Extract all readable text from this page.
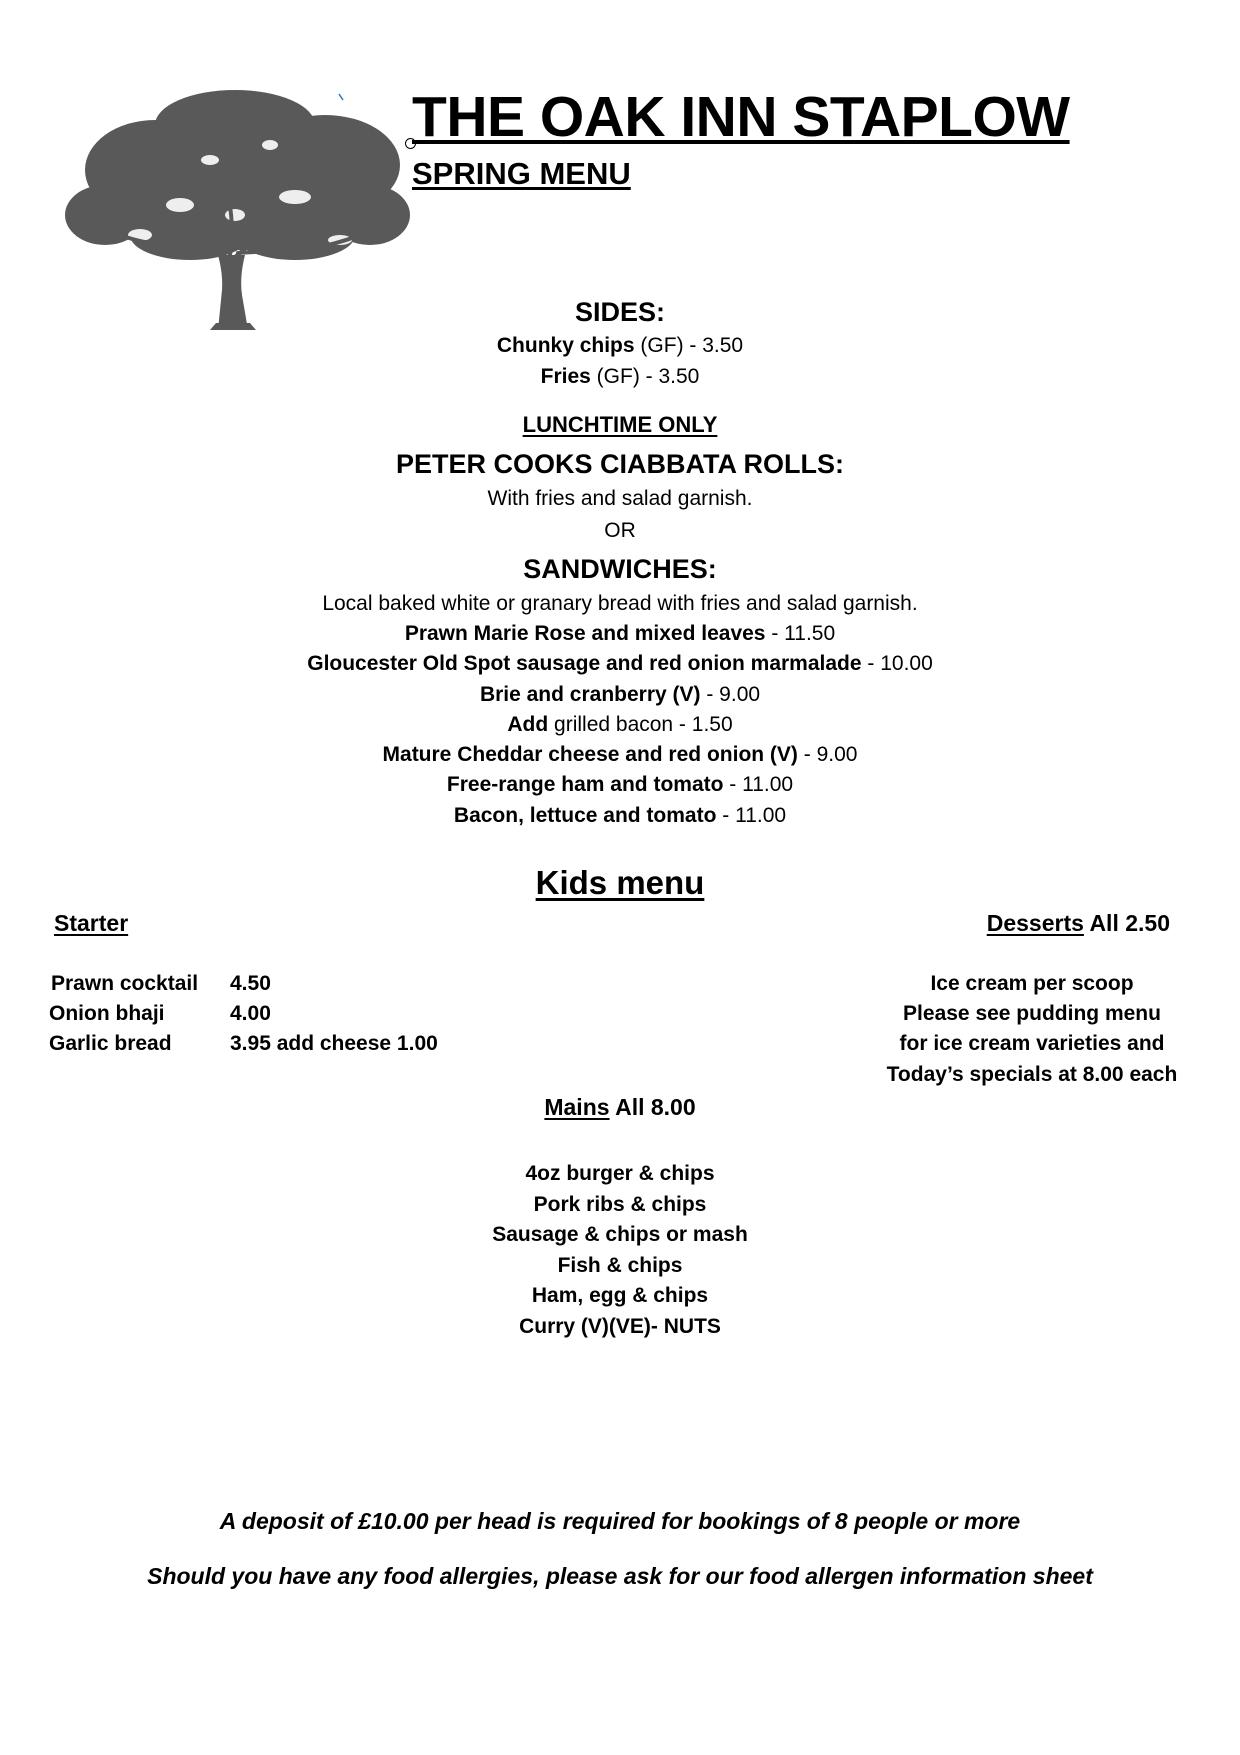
THE OAK INN STAPLOW
SPRING MENU
SIDES:
Chunky chips (GF) - 3.50
Fries (GF) - 3.50
LUNCHTIME ONLY
PETER COOKS CIABBATA ROLLS:
With fries and salad garnish.
OR
SANDWICHES:
Local baked white or granary bread with fries and salad garnish.
Prawn Marie Rose and mixed leaves - 11.50
Gloucester Old Spot sausage and red onion marmalade - 10.00
Brie and cranberry (V) - 9.00
Add grilled bacon - 1.50
Mature Cheddar cheese and red onion (V) - 9.00
Free-range ham and tomato - 11.00
Bacon, lettuce and tomato - 11.00
Kids menu
Starter	Desserts All 2.50
Prawn cocktail 4.50
Onion bhaji	4.00
Garlic bread	3.95 add cheese 1.00
Ice cream per scoop
Please see pudding menu
for ice cream varieties and
Today’s specials at 8.00 each
Mains All 8.00
4oz burger & chips
Pork ribs & chips
Sausage & chips or mash
Fish & chips
Ham, egg & chips
Curry (V)(VE)- NUTS
A deposit of £10.00 per head is required for bookings of 8 people or more
Should you have any food allergies, please ask for our food allergen information sheet
